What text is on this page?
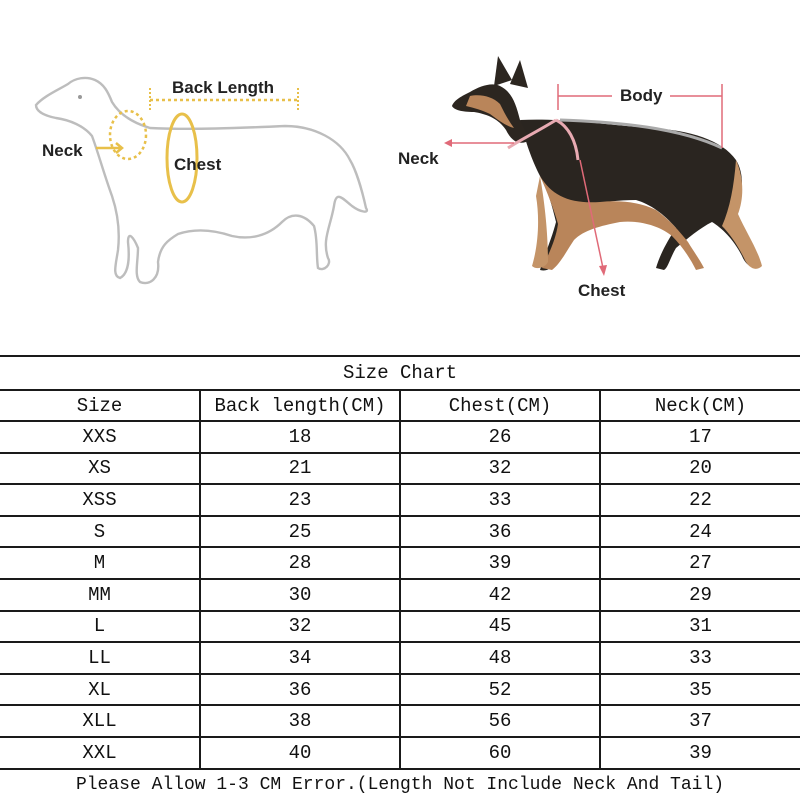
Back Length
Neck
Chest
Body
Neck
Chest
Size Chart			
Size	Back length(CM)	Chest(CM)	Neck(CM)
XXS	18	26	17
XS	21	32	20
XSS	23	33	22
S	25	36	24
M	28	39	27
MM	30	42	29
L	32	45	31
LL	34	48	33
XL	36	52	35
XLL	38	56	37
XXL	40	60	39
Please Allow 1-3 CM Error.(Length Not Include Neck And Tail)			
